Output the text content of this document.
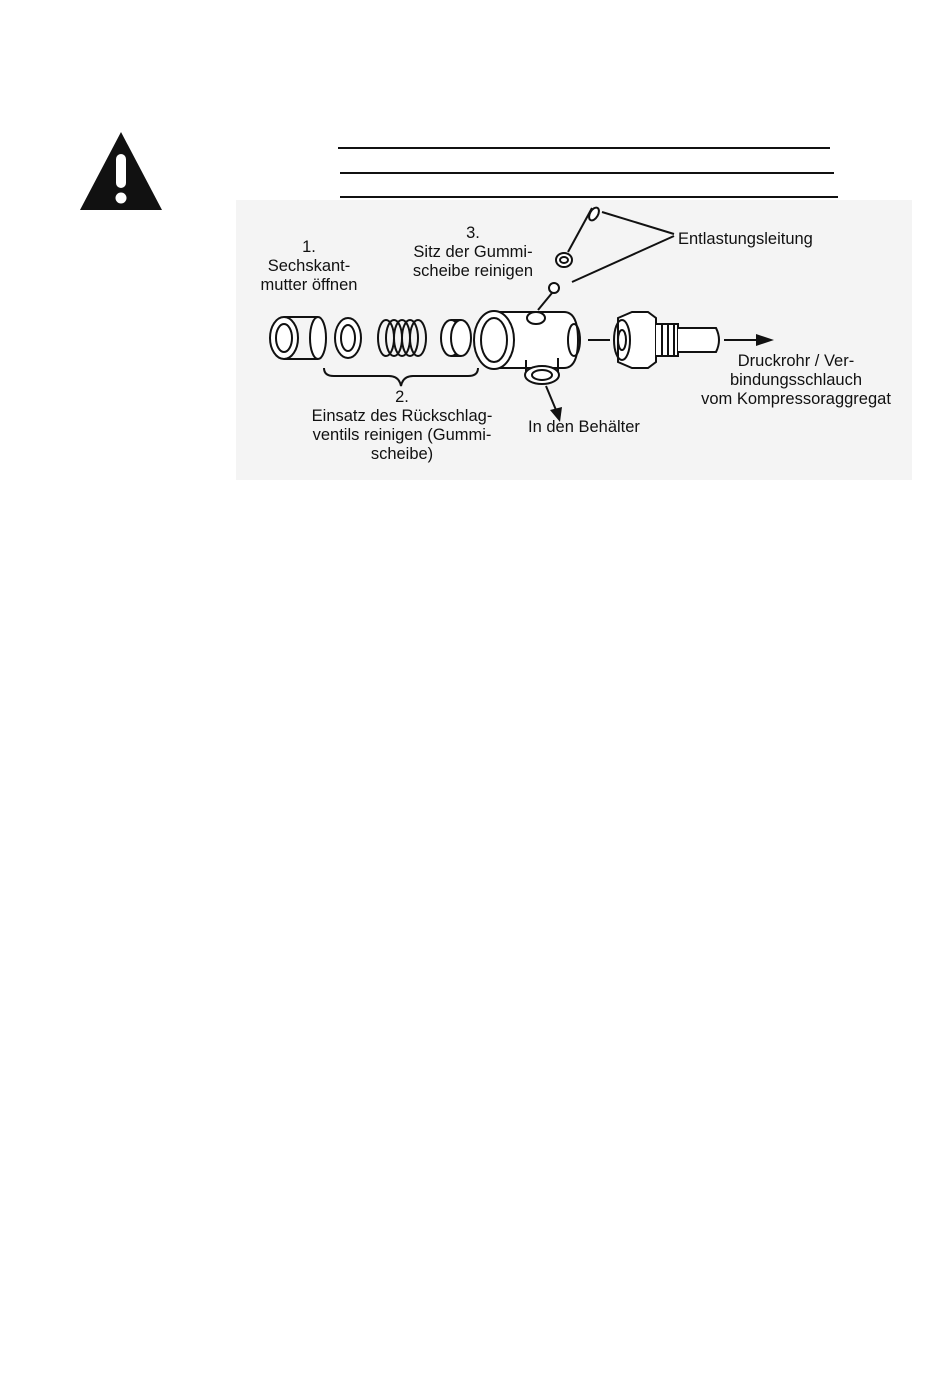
1.
Sechskant-
mutter öffnen
2.
Einsatz des Rückschlag-
ventils reinigen (Gummi-
scheibe)
3.
Sitz der Gummi-
scheibe reinigen
Entlastungsleitung
In den Behälter
Druckrohr / Ver-
bindungsschlauch
vom Kompressoraggregat
